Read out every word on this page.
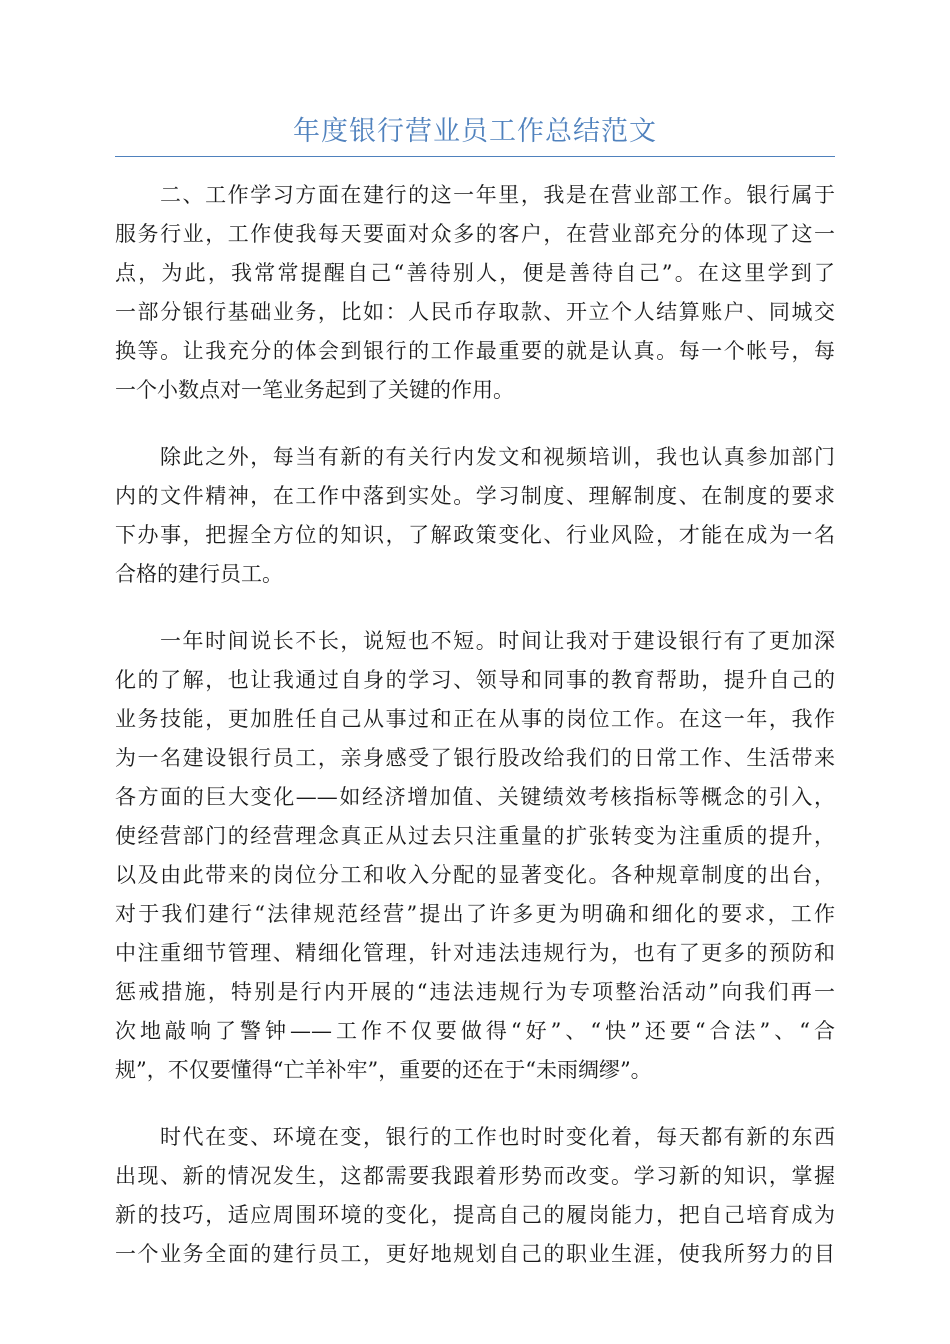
年度银行营业员工作总结范文
二、工作学习方面在建行的这一年里，我是在营业部工作。银行属于
服务行业，工作使我每天要面对众多的客户，在营业部充分的体现了这一
点，为此，我常常提醒自己“善待别人，便是善待自己”。在这里学到了
一部分银行基础业务，比如：人民币存取款、开立个人结算账户、同城交
换等。让我充分的体会到银行的工作最重要的就是认真。每一个帐号，每
一个小数点对一笔业务起到了关键的作用。
除此之外，每当有新的有关行内发文和视频培训，我也认真参加部门
内的文件精神，在工作中落到实处。学习制度、理解制度、在制度的要求
下办事，把握全方位的知识，了解政策变化、行业风险，才能在成为一名
合格的建行员工。
一年时间说长不长，说短也不短。时间让我对于建设银行有了更加深
化的了解，也让我通过自身的学习、领导和同事的教育帮助，提升自己的
业务技能，更加胜任自己从事过和正在从事的岗位工作。在这一年，我作
为一名建设银行员工，亲身感受了银行股改给我们的日常工作、生活带来
各方面的巨大变化——如经济增加值、关键绩效考核指标等概念的引入，
使经营部门的经营理念真正从过去只注重量的扩张转变为注重质的提升，
以及由此带来的岗位分工和收入分配的显著变化。各种规章制度的出台，
对于我们建行“法律规范经营”提出了许多更为明确和细化的要求，工作
中注重细节管理、精细化管理，针对违法违规行为，也有了更多的预防和
惩戒措施，特别是行内开展的“违法违规行为专项整治活动”向我们再一
次地敲响了警钟——工作不仅要做得“好”、“快”还要“合法”、“合
规”，不仅要懂得“亡羊补牢”，重要的还在于“未雨绸缪”。
时代在变、环境在变，银行的工作也时时变化着，每天都有新的东西
出现、新的情况发生，这都需要我跟着形势而改变。学习新的知识，掌握
新的技巧，适应周围环境的变化，提高自己的履岗能力，把自己培育成为
一个业务全面的建行员工，更好地规划自己的职业生涯，使我所努力的目
